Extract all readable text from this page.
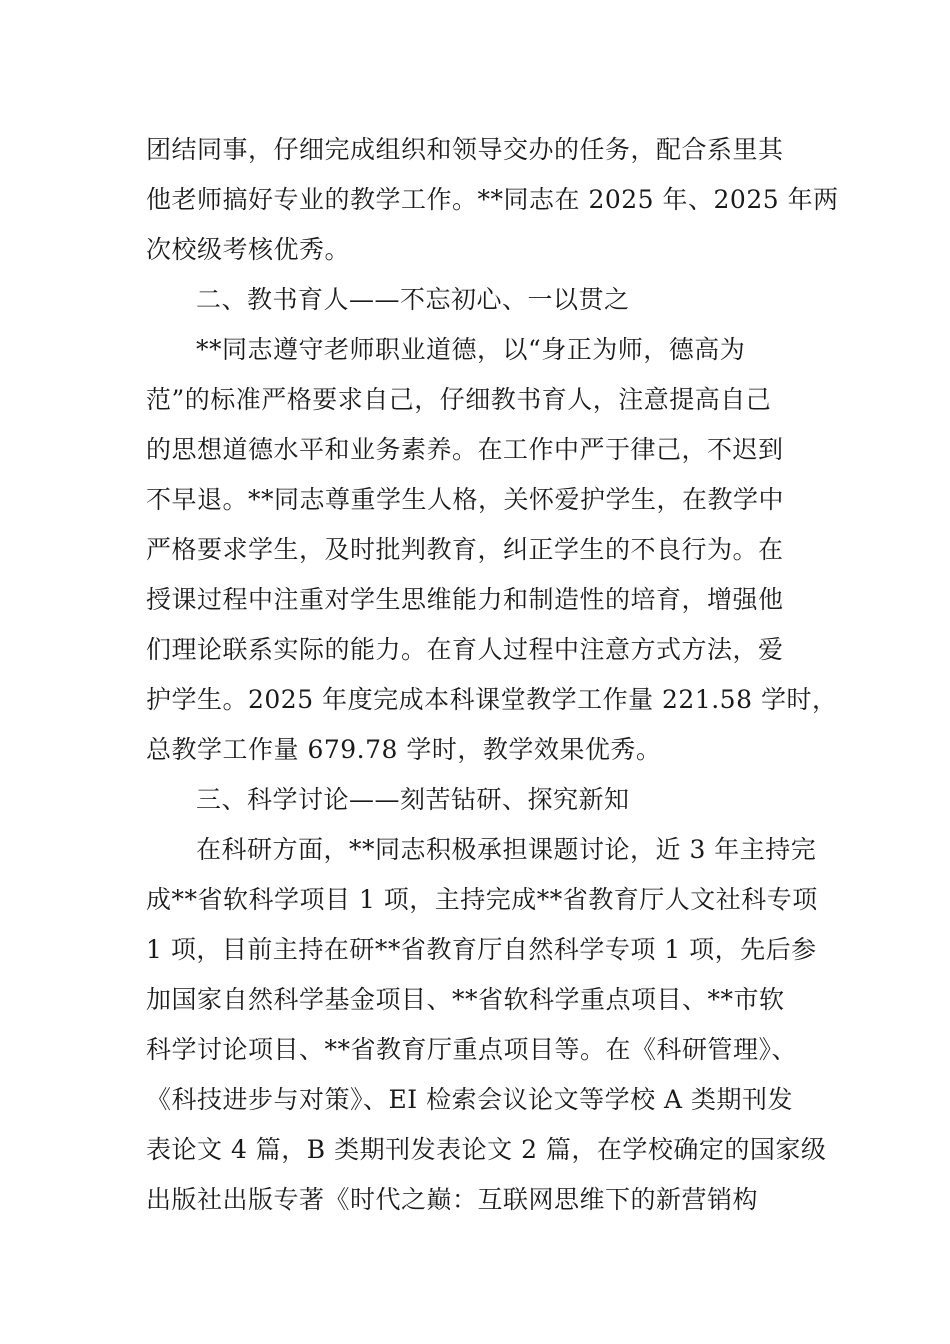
团结同事，仔细完成组织和领导交办的任务，配合系里其
他老师搞好专业的教学工作。**同志在 2025 年、2025 年两
次校级考核优秀。
二、教书育人——不忘初心、一以贯之
**同志遵守老师职业道德，以“身正为师，德高为
范”的标准严格要求自己，仔细教书育人，注意提高自己
的思想道德水平和业务素养。在工作中严于律己，不迟到
不早退。**同志尊重学生人格，关怀爱护学生，在教学中
严格要求学生，及时批判教育，纠正学生的不良行为。在
授课过程中注重对学生思维能力和制造性的培育，增强他
们理论联系实际的能力。在育人过程中注意方式方法，爱
护学生。2025 年度完成本科课堂教学工作量 221.58 学时，
总教学工作量 679.78 学时，教学效果优秀。
三、科学讨论——刻苦钻研、探究新知
在科研方面，**同志积极承担课题讨论，近 3 年主持完
成**省软科学项目 1 项，主持完成**省教育厅人文社科专项
1 项，目前主持在研**省教育厅自然科学专项 1 项，先后参
加国家自然科学基金项目、**省软科学重点项目、**市软
科学讨论项目、**省教育厅重点项目等。在《科研管理》、
《科技进步与对策》、EI 检索会议论文等学校 A 类期刊发
表论文 4 篇，B 类期刊发表论文 2 篇，在学校确定的国家级
出版社出版专著《时代之巅：互联网思维下的新营销构
